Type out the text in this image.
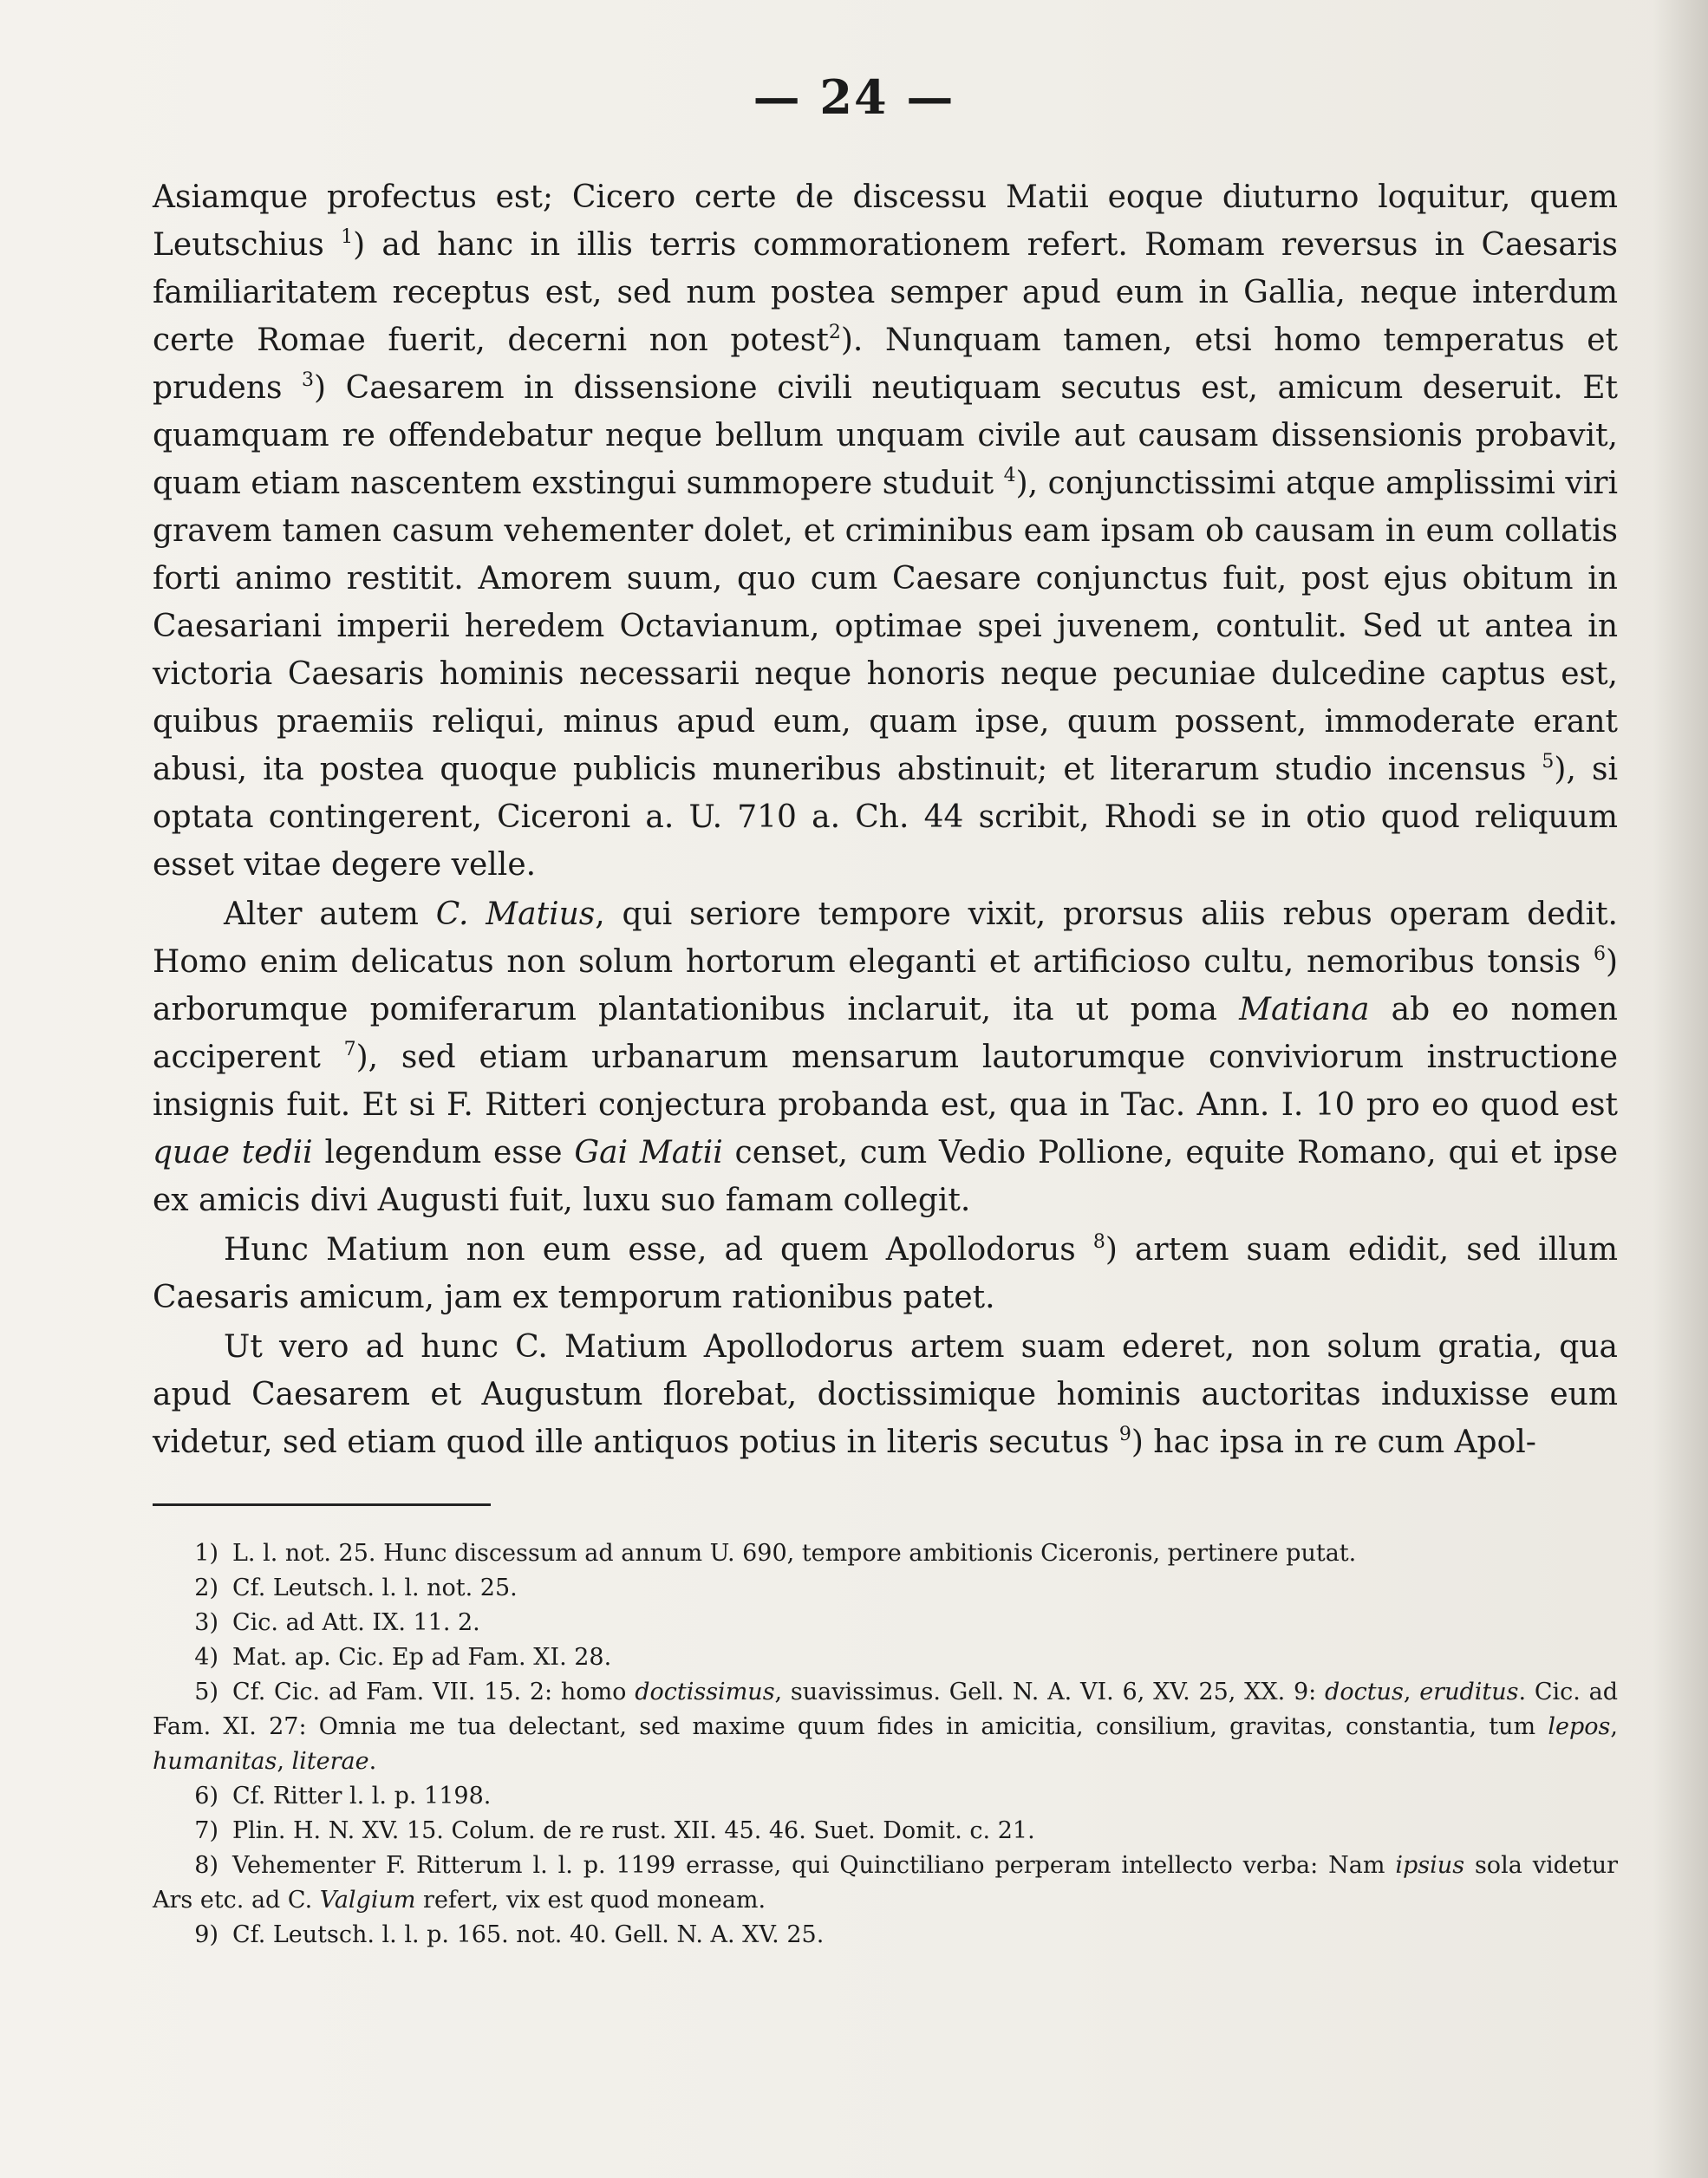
— 24 —

Asiamque profectus est; Cicero certe de discessu Matii eoque diuturno loquitur, quem Leutschius $^1$) ad hanc in illis terris commorationem refert. Romam reversus in Caesaris familiaritatem receptus est, sed num postea semper apud eum in Gallia, neque interdum certe Romae fuerit, decerni non potest$^2$). Nunquam tamen, etsi homo temperatus et prudens $^3$) Caesarem in dissensione civili neutiquam secutus est, amicum deseruit. Et quamquam re offendebatur neque bellum unquam civile aut causam dissensionis probavit, quam etiam nascentem exstingui summopere studuit $^4$), conjunctissimi atque amplissimi viri gravem tamen casum vehementer dolet, et criminibus eam ipsam ob causam in eum collatis forti animo restitit. Amorem suum, quo cum Caesare conjunctus fuit, post ejus obitum in Caesariani imperii heredem Octavianum, optimae spei juvenem, contulit. Sed ut antea in victoria Caesaris hominis necessarii neque honoris neque pecuniae dulcedine captus est, quibus praemiis reliqui, minus apud eum, quam ipse, quum possent, immoderate erant abusi, ita postea quoque publicis muneribus abstinuit; et literarum studio incensus $^5$), si optata contingerent, Ciceroni a. U. 710 a. Ch. 44 scribit, Rhodi se in otio quod reliquum esset vitae degere velle.

Alter autem C. Matius, qui seriore tempore vixit, prorsus aliis rebus operam dedit. Homo enim delicatus non solum hortorum eleganti et artificioso cultu, nemoribus tonsis $^6$) arborumque pomiferarum plantationibus inclaruit, ita ut poma Matiana ab eo nomen acciperent $^7$), sed etiam urbanarum mensarum lautorumque conviviorum instructione insignis fuit. Et si F. Ritteri conjectura probanda est, qua in Tac. Ann. I. 10 pro eo quod est quae tedii legendum esse Gai Matii censet, cum Vedio Pollione, equite Romano, qui et ipse ex amicis divi Augusti fuit, luxu suo famam collegit.

Hunc Matium non eum esse, ad quem Apollodorus $^8$) artem suam edidit, sed illum Caesaris amicum, jam ex temporum rationibus patet.

Ut vero ad hunc C. Matium Apollodorus artem suam ederet, non solum gratia, qua apud Caesarem et Augustum florebat, doctissimique hominis auctoritas induxisse eum videtur, sed etiam quod ille antiquos potius in literis secutus $^9$) hac ipsa in re cum Apol-

1) L. l. not. 25. Hunc discessum ad annum U. 690, tempore ambitionis Ciceronis, pertinere putat.

2) Cf. Leutsch. l. l. not. 25.

3) Cic. ad Att. IX. 11. 2.

4) Mat. ap. Cic. Ep ad Fam. XI. 28.

5) Cf. Cic. ad Fam. VII. 15. 2: homo doctissimus, suavissimus. Gell. N. A. VI. 6, XV. 25, XX. 9: doctus, eruditus. Cic. ad Fam. XI. 27: Omnia me tua delectant, sed maxime quum fides in amicitia, consilium, gravitas, constantia, tum lepos, humanitas, literae.

6) Cf. Ritter l. l. p. 1198.

7) Plin. H. N. XV. 15. Colum. de re rust. XII. 45. 46. Suet. Domit. c. 21.

8) Vehementer F. Ritterum l. l. p. 1199 errasse, qui Quinctiliano perperam intellecto verba: Nam ipsius sola videtur Ars etc. ad C. Valgium refert, vix est quod moneam.

9) Cf. Leutsch. l. l. p. 165. not. 40. Gell. N. A. XV. 25.
